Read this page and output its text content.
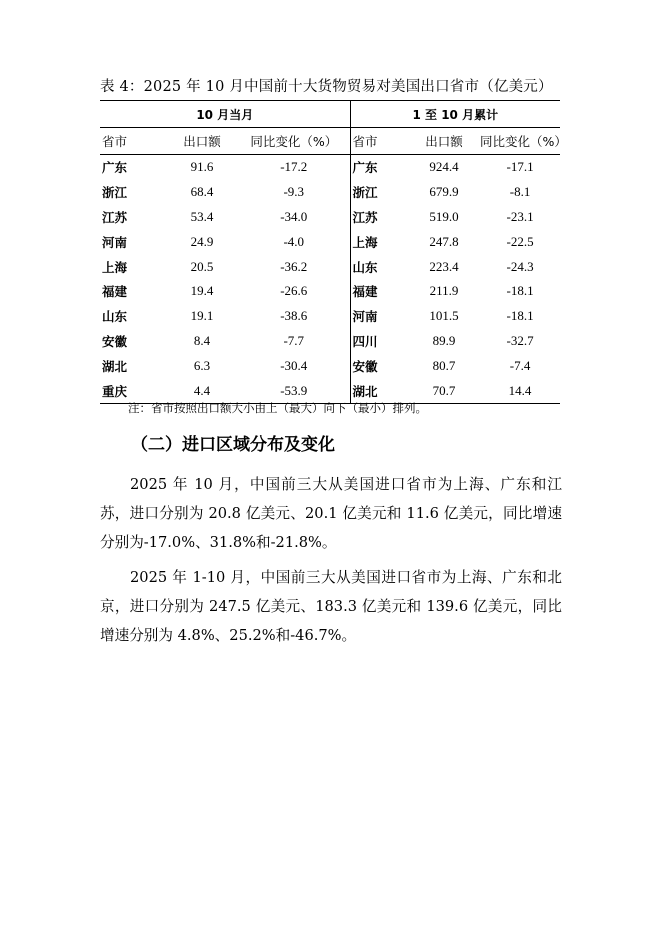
表 4：2025 年 10 月中国前十大货物贸易对美国出口省市（亿美元）
10 月当月			1 至 10 月累计		
省市	出口额	同比变化（%）	省市	出口额	同比变化（%）
广东	91.6	-17.2	广东	924.4	-17.1
浙江	68.4	-9.3	浙江	679.9	-8.1
江苏	53.4	-34.0	江苏	519.0	-23.1
河南	24.9	-4.0	上海	247.8	-22.5
上海	20.5	-36.2	山东	223.4	-24.3
福建	19.4	-26.6	福建	211.9	-18.1
山东	19.1	-38.6	河南	101.5	-18.1
安徽	8.4	-7.7	四川	89.9	-32.7
湖北	6.3	-30.4	安徽	80.7	-7.4
重庆	4.4	-53.9	湖北	70.7	14.4
注：省市按照出口额大小由上（最大）向下（最小）排列。
（二）进口区域分布及变化

2025 年 10 月，中国前三大从美国进口省市为上海、广东和江苏，进口分别为 20.8 亿美元、20.1 亿美元和 11.6 亿美元，同比增速分别为-17.0%、31.8%和-21.8%。

2025 年 1-10 月，中国前三大从美国进口省市为上海、广东和北京，进口分别为 247.5 亿美元、183.3 亿美元和 139.6 亿美元，同比增速分别为 4.8%、25.2%和-46.7%。
